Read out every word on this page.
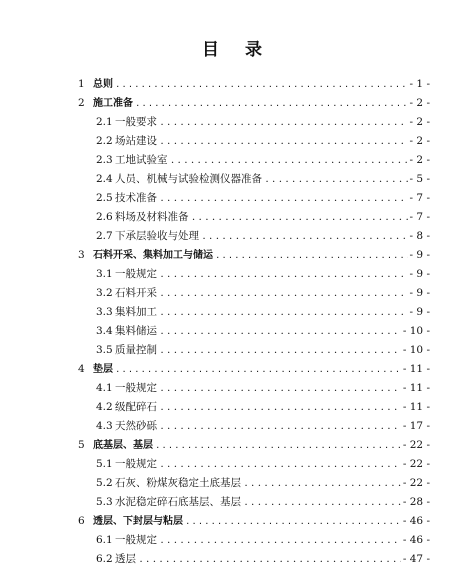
目 录
1 总则 . . .	- 1 -
2 施工准备 . . .	- 2 -
2.1 一般要求 . . .	- 2 -
2.2 场站建设 . . .	- 2 -
2.3 工地试验室 . . .	- 2 -
2.4 人员、机械与试验检测仪器准备 . . .	- 5 -
2.5 技术准备 . . .	- 7 -
2.6 料场及材料准备 . . .	- 7 -
2.7 下承层验收与处理 . . .	- 8 -
3 石料开采、集料加工与储运 . . .	- 9 -
3.1 一般规定 . . .	- 9 -
3.2 石料开采 . . .	- 9 -
3.3 集料加工 . . .	- 9 -
3.4 集料储运 . . .	- 10 -
3.5 质量控制 . . .	- 10 -
4 垫层 . . .	- 11 -
4.1 一般规定 . . .	- 11 -
4.2 级配碎石 . . .	- 11 -
4.3 天然砂砾 . . .	- 17 -
5 底基层、基层 . . .	- 22 -
5.1 一般规定 . . .	- 22 -
5.2 石灰、粉煤灰稳定土底基层 . . .	- 22 -
5.3 水泥稳定碎石底基层、基层 . . .	- 28 -
6 透层、下封层与粘层 . . .	- 46 -
6.1 一般规定 . . .	- 46 -
6.2 透层 . . .	- 47 -
